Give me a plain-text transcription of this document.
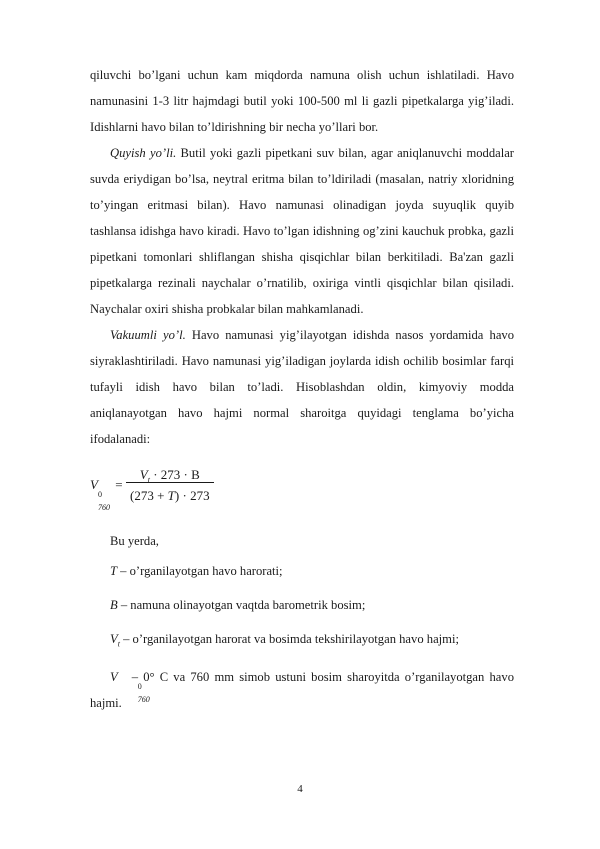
qiluvchi bo’lgani uchun kam miqdorda namuna olish uchun ishlatiladi. Havo namunasini 1-3 litr hajmdagi butil yoki 100-500 ml li gazli pipetkalarga yig’iladi. Idishlarni havo bilan to’ldirishning bir necha yo’llari bor.

Quyish yo’li. Butil yoki gazli pipetkani suv bilan, agar aniqlanuvchi moddalar suvda eriydigan bo’lsa, neytral eritma bilan to’ldiriladi (masalan, natriy xloridning to’yingan eritmasi bilan). Havo namunasi olinadigan joyda suyuqlik quyib tashlansa idishga havo kiradi. Havo to’lgan idishning og’zini kauchuk probka, gazli pipetkani tomonlari shliflangan shisha qisqichlar bilan berkitiladi. Ba'zan gazli pipetkalarga rezinali naychalar o’rnatilib, oxiriga vintli qisqichlar bilan qisiladi. Naychalar oxiri shisha probkalar bilan mahkamlanadi.

Vakuumli yo’l. Havo namunasi yig’ilayotgan idishda nasos yordamida havo siyraklashtiriladi. Havo namunasi yig’iladigan joylarda idish ochilib bosimlar farqi tufayli idish havo bilan to’ladi. Hisoblashdan oldin, kimyoviy modda aniqlanayotgan havo hajmi normal sharoitga quyidagi tenglama bo’yicha ifodalanadi:

V
0
760
=
$V_t \cdot 273 \cdot B$
(273 + T) · 273

Bu yerda,

T – o’rganilayotgan havo harorati;
B – namuna olinayotgan vaqtda barometrik bosim;
$V_t$ – o’rganilayotgan harorat va bosimda tekshirilayotgan havo hajmi;

V
0
760
– 0° C va 760 mm simob ustuni bosim sharoyitda o’rganilayotgan havo hajmi.

4
